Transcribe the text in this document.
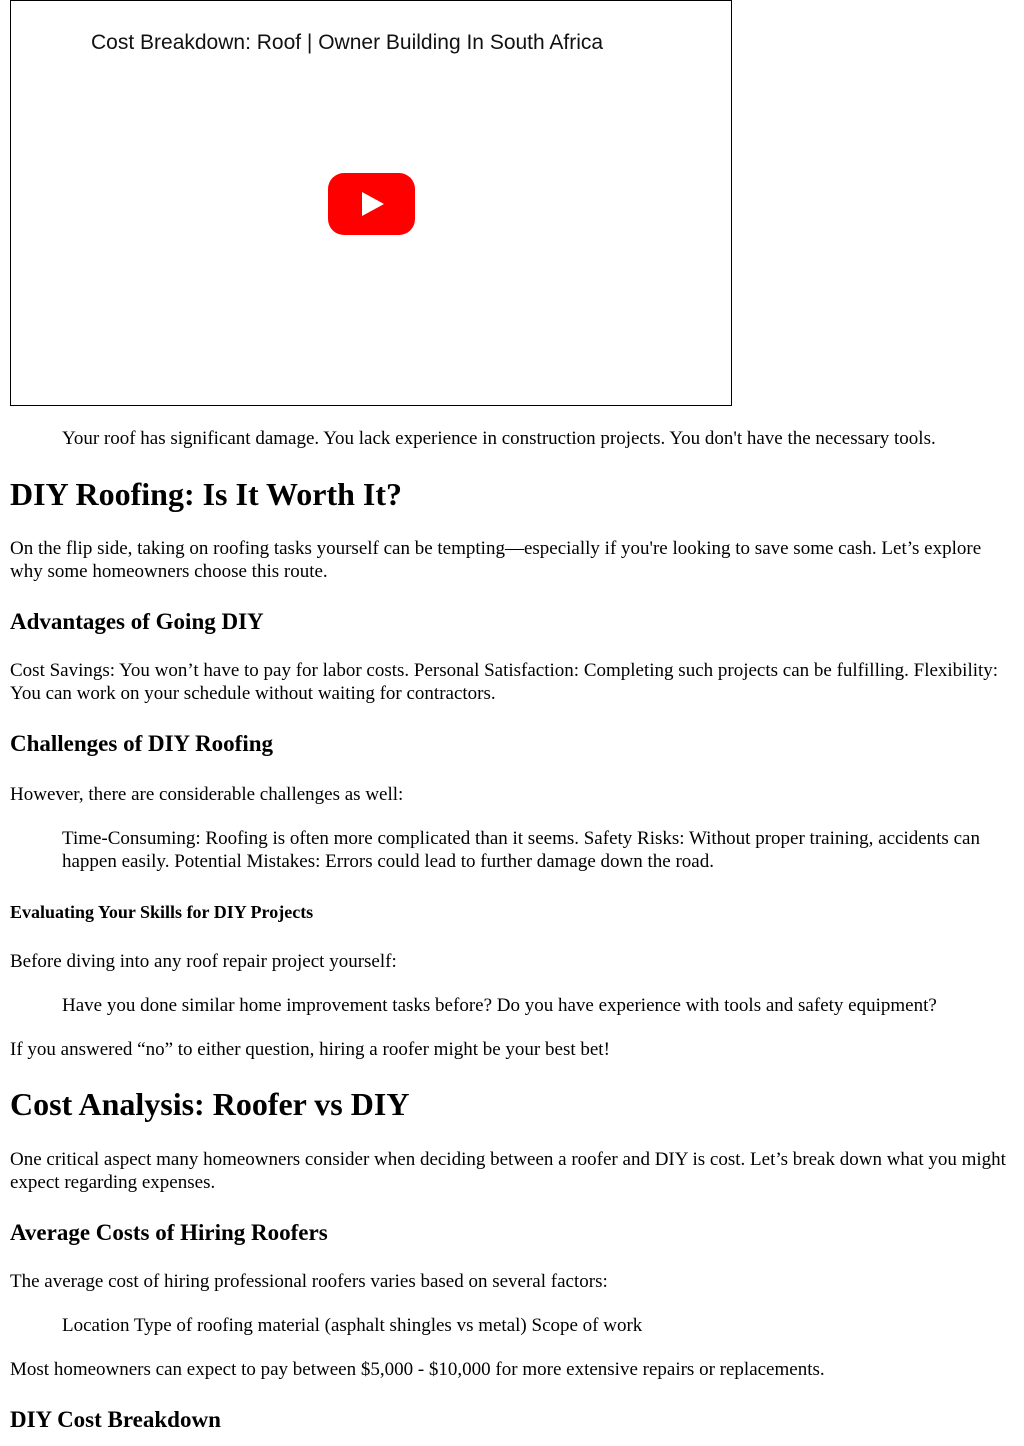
Cost Breakdown: Roof | Owner Building In South Africa

Your roof has significant damage. You lack experience in construction projects. You don't have the necessary tools.

DIY Roofing: Is It Worth It?

On the flip side, taking on roofing tasks yourself can be tempting—especially if you're looking to save some cash. Let’s explore why some homeowners choose this route.

Advantages of Going DIY

Cost Savings: You won’t have to pay for labor costs. Personal Satisfaction: Completing such projects can be fulfilling. Flexibility: You can work on your schedule without waiting for contractors.

Challenges of DIY Roofing

However, there are considerable challenges as well:

Time-Consuming: Roofing is often more complicated than it seems. Safety Risks: Without proper training, accidents can happen easily. Potential Mistakes: Errors could lead to further damage down the road.

Evaluating Your Skills for DIY Projects

Before diving into any roof repair project yourself:

Have you done similar home improvement tasks before? Do you have experience with tools and safety equipment?

If you answered “no” to either question, hiring a roofer might be your best bet!

Cost Analysis: Roofer vs DIY

One critical aspect many homeowners consider when deciding between a roofer and DIY is cost. Let’s break down what you might expect regarding expenses.

Average Costs of Hiring Roofers

The average cost of hiring professional roofers varies based on several factors:

Location Type of roofing material (asphalt shingles vs metal) Scope of work

Most homeowners can expect to pay between $5,000 - $10,000 for more extensive repairs or replacements.

DIY Cost Breakdown
